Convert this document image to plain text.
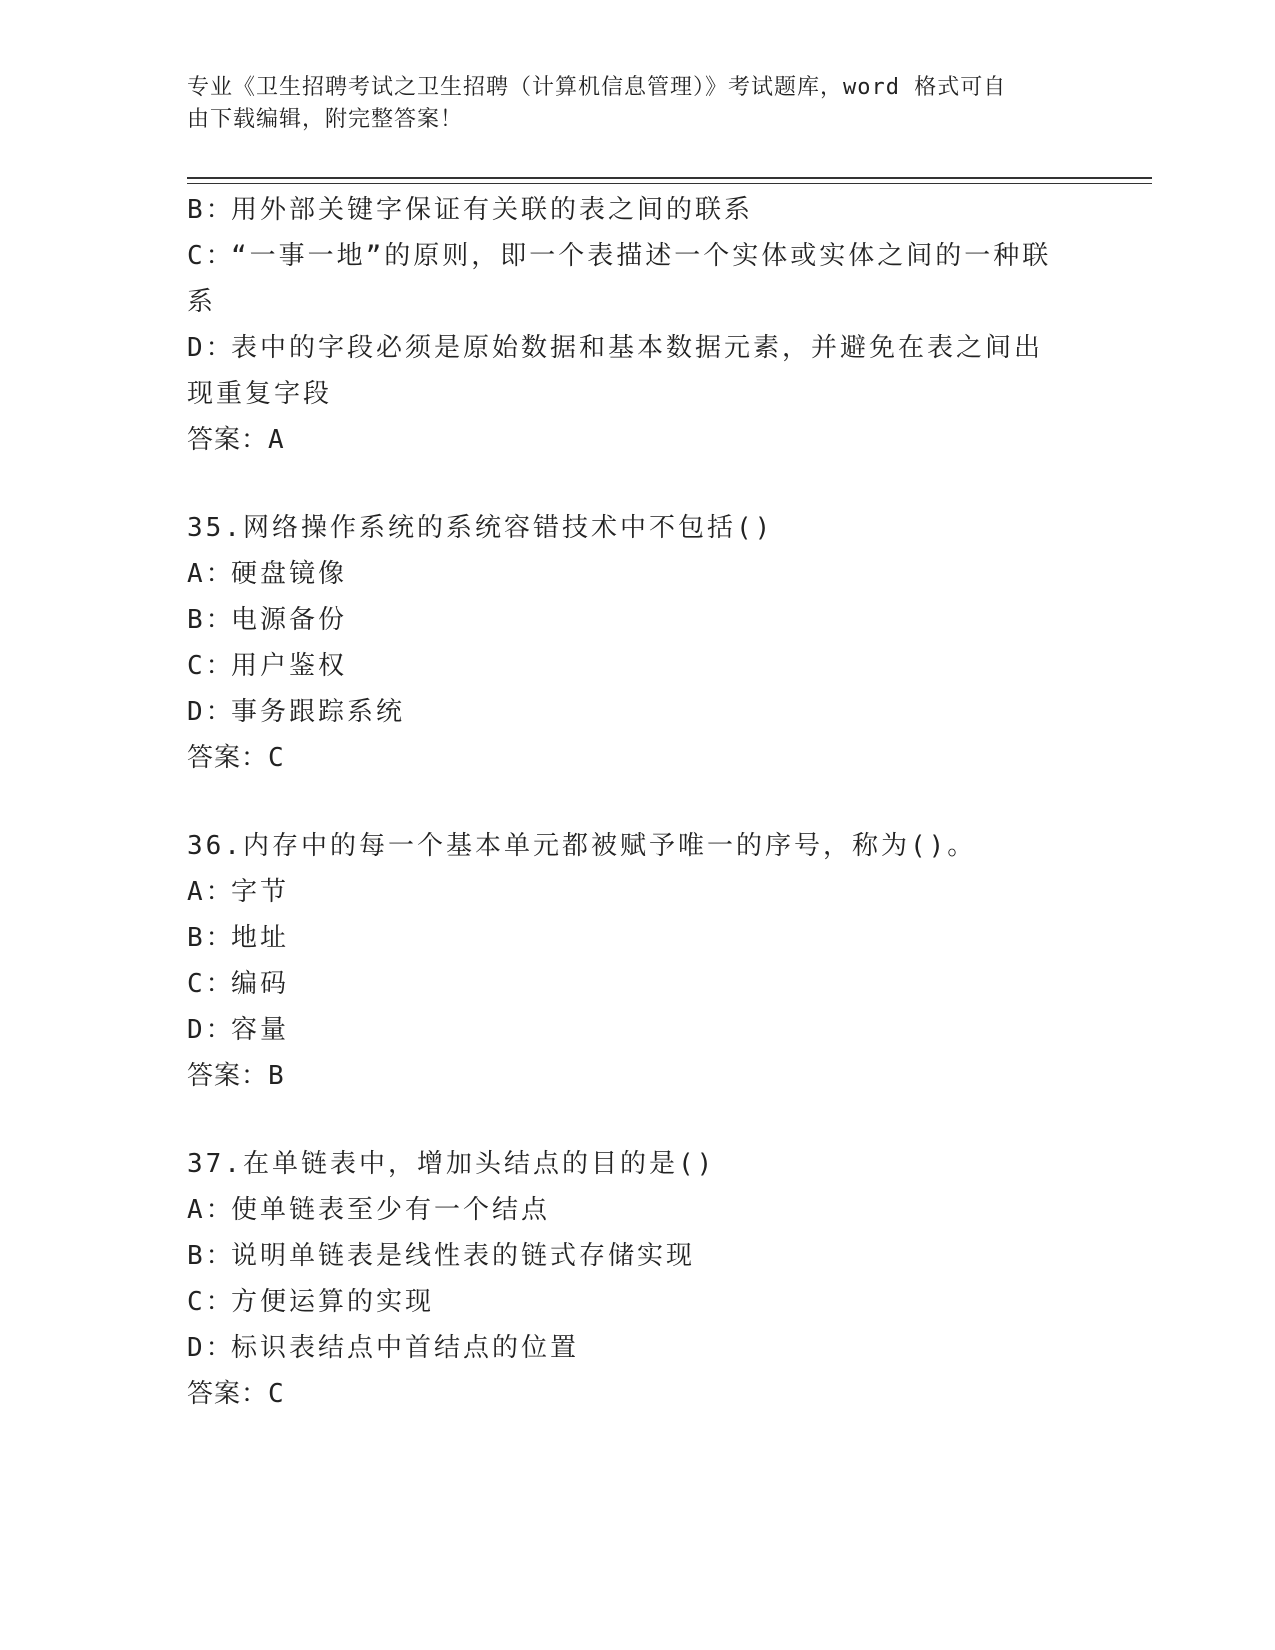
专业《卫生招聘考试之卫生招聘（计算机信息管理）》考试题库，word 格式可自
由下载编辑，附完整答案！
B：用外部关键字保证有关联的表之间的联系
C：“一事一地”的原则，即一个表描述一个实体或实体之间的一种联系
D：表中的字段必须是原始数据和基本数据元素，并避免在表之间出现重复字段
答案：A
35.网络操作系统的系统容错技术中不包括()
A：硬盘镜像
B：电源备份
C：用户鉴权
D：事务跟踪系统
答案：C
36.内存中的每一个基本单元都被赋予唯一的序号，称为()。
A：字节
B：地址
C：编码
D：容量
答案：B
37.在单链表中，增加头结点的目的是()
A：使单链表至少有一个结点
B：说明单链表是线性表的链式存储实现
C：方便运算的实现
D：标识表结点中首结点的位置
答案：C
